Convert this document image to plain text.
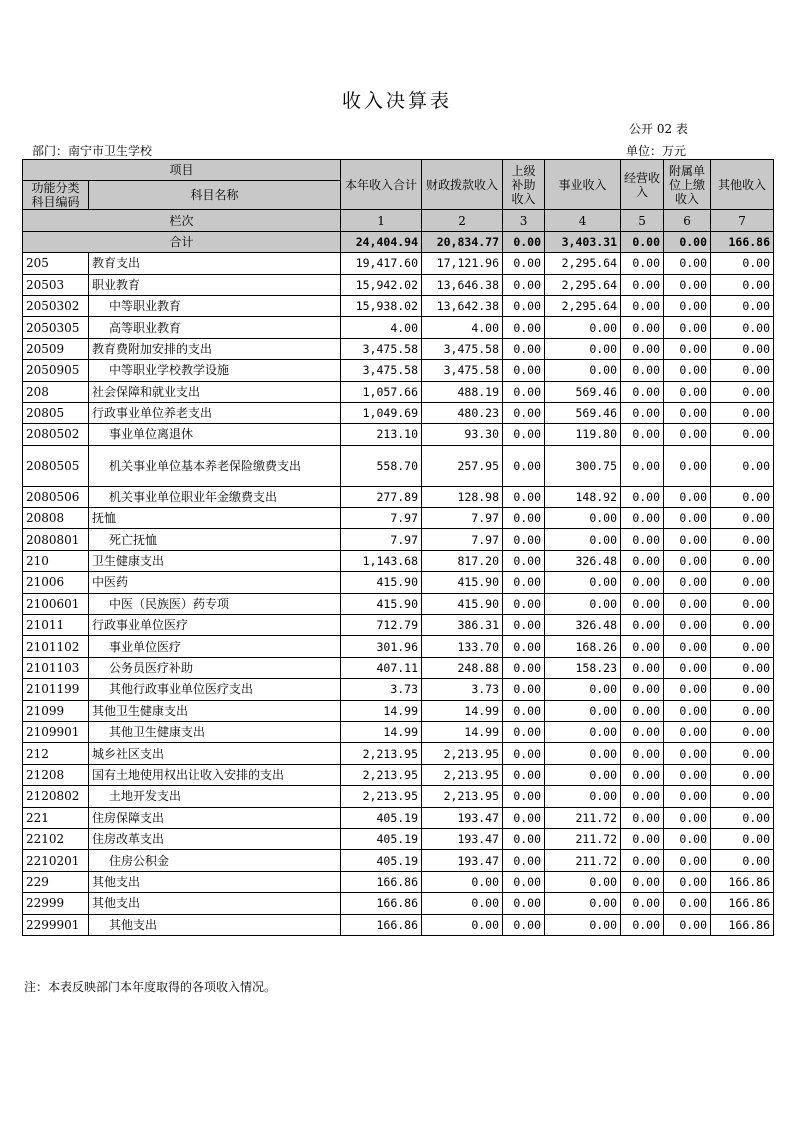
收入决算表
公开 02 表
部门：南宁市卫生学校	单位：万元
项目		本年收入合计	财政拨款收入	上级补助收入	事业收入	经营收入	附属单位上缴收入	其他收入
功能分类科目编码	科目名称							
栏次		1	2	3	4	5	6	7
合计		24,404.94	20,834.77	0.00	3,403.31	0.00	0.00	166.86
205	教育支出	19,417.60	17,121.96	0.00	2,295.64	0.00	0.00	0.00
20503	职业教育	15,942.02	13,646.38	0.00	2,295.64	0.00	0.00	0.00
2050302	中等职业教育	15,938.02	13,642.38	0.00	2,295.64	0.00	0.00	0.00
2050305	高等职业教育	4.00	4.00	0.00	0.00	0.00	0.00	0.00
20509	教育费附加安排的支出	3,475.58	3,475.58	0.00	0.00	0.00	0.00	0.00
2050905	中等职业学校教学设施	3,475.58	3,475.58	0.00	0.00	0.00	0.00	0.00
208	社会保障和就业支出	1,057.66	488.19	0.00	569.46	0.00	0.00	0.00
20805	行政事业单位养老支出	1,049.69	480.23	0.00	569.46	0.00	0.00	0.00
2080502	事业单位离退休	213.10	93.30	0.00	119.80	0.00	0.00	0.00
2080505	机关事业单位基本养老保险缴费支出	558.70	257.95	0.00	300.75	0.00	0.00	0.00
2080506	机关事业单位职业年金缴费支出	277.89	128.98	0.00	148.92	0.00	0.00	0.00
20808	抚恤	7.97	7.97	0.00	0.00	0.00	0.00	0.00
2080801	死亡抚恤	7.97	7.97	0.00	0.00	0.00	0.00	0.00
210	卫生健康支出	1,143.68	817.20	0.00	326.48	0.00	0.00	0.00
21006	中医药	415.90	415.90	0.00	0.00	0.00	0.00	0.00
2100601	中医（民族医）药专项	415.90	415.90	0.00	0.00	0.00	0.00	0.00
21011	行政事业单位医疗	712.79	386.31	0.00	326.48	0.00	0.00	0.00
2101102	事业单位医疗	301.96	133.70	0.00	168.26	0.00	0.00	0.00
2101103	公务员医疗补助	407.11	248.88	0.00	158.23	0.00	0.00	0.00
2101199	其他行政事业单位医疗支出	3.73	3.73	0.00	0.00	0.00	0.00	0.00
21099	其他卫生健康支出	14.99	14.99	0.00	0.00	0.00	0.00	0.00
2109901	其他卫生健康支出	14.99	14.99	0.00	0.00	0.00	0.00	0.00
212	城乡社区支出	2,213.95	2,213.95	0.00	0.00	0.00	0.00	0.00
21208	国有土地使用权出让收入安排的支出	2,213.95	2,213.95	0.00	0.00	0.00	0.00	0.00
2120802	土地开发支出	2,213.95	2,213.95	0.00	0.00	0.00	0.00	0.00
221	住房保障支出	405.19	193.47	0.00	211.72	0.00	0.00	0.00
22102	住房改革支出	405.19	193.47	0.00	211.72	0.00	0.00	0.00
2210201	住房公积金	405.19	193.47	0.00	211.72	0.00	0.00	0.00
229	其他支出	166.86	0.00	0.00	0.00	0.00	0.00	166.86
22999	其他支出	166.86	0.00	0.00	0.00	0.00	0.00	166.86
2299901	其他支出	166.86	0.00	0.00	0.00	0.00	0.00	166.86
注：本表反映部门本年度取得的各项收入情况。
